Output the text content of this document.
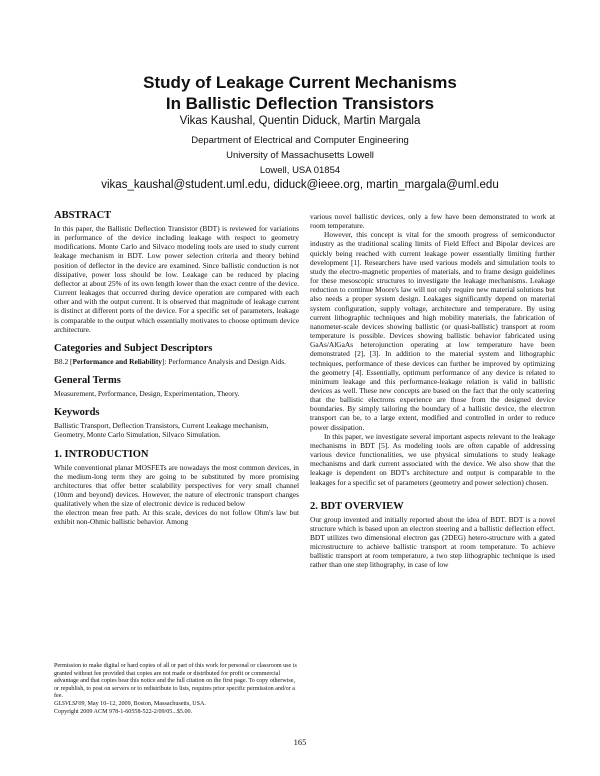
Study of Leakage Current Mechanisms
In Ballistic Deflection Transistors
Vikas Kaushal, Quentin Diduck, Martin Margala
Department of Electrical and Computer Engineering
University of Massachusetts Lowell
Lowell, USA 01854
vikas_kaushal@student.uml.edu, diduck@ieee.org, martin_margala@uml.edu
ABSTRACT

In this paper, the Ballistic Deflection Transistor (BDT) is reviewed for variations in performance of the device including leakage with respect to geometry modifications. Monte Carlo and Silvaco modeling tools are used to study current leakage mechanism in BDT. Low power selection criteria and theory behind position of deflector in the device are examined. Since ballistic conduction is not dissipative, power loss should be low. Leakage can be reduced by placing deflector at about 25% of its own length lower than the exact centre of the device. Current leakages that occurred during device operation are compared with each other and with the output current. It is observed that magnitude of leakage current is distinct at different ports of the device. For a specific set of parameters, leakage is comparable to the output which essentially motivates to choose optimum device architecture.

Categories and Subject Descriptors

B8.2 [Performance and Reliability]: Performance Analysis and Design Aids.

General Terms

Measurement, Performance, Design, Experimentation, Theory.

Keywords

Ballistic Transport, Deflection Transistors, Current Leakage mechanism, Geometry, Monte Carlo Simulation, Silvaco Simulation.

1. INTRODUCTION

While conventional planar MOSFETs are nowadays the most common devices, in the medium-long term they are going to be substituted by more promising architectures that offer better scalability perspectives for very small channel (10nm and beyond) devices. However, the nature of electronic transport changes qualitatively when the size of electronic device is reduced below

the electron mean free path. At this scale, devices do not follow Ohm's law but exhibit non-Ohmic ballistic behavior. Among

Permission to make digital or hard copies of all or part of this work for personal or classroom use is granted without fee provided that copies are not made or distributed for profit or commercial advantage and that copies bear this notice and the full citation on the first page. To copy otherwise, or republish, to post on servers or to redistribute to lists, requires prior specific permission and/or a fee.
GLSVLSI'09, May 10–12, 2009, Boston, Massachusetts, USA.
Copyright 2009 ACM 978-1-60558-522-2/09/05...$5.00.

various novel ballistic devices, only a few have been demonstrated to work at room temperature.

However, this concept is vital for the smooth progress of semiconductor industry as the traditional scaling limits of Field Effect and Bipolar devices are quickly being reached with current leakage power essentially limiting further development [1]. Researchers have used various models and simulation tools to study the electro-magnetic properties of materials, and to frame design guidelines for these mesoscopic structures to investigate the leakage mechanisms. Leakage reduction to continue Moore's law will not only require new material solutions but also needs a proper system design. Leakages significantly depend on material system configuration, supply voltage, architecture and temperature. By using current lithographic techniques and high mobility materials, the fabrication of nanometer-scale devices showing ballistic (or quasi-ballistic) transport at room temperature is possible. Devices showing ballistic behavior fabricated using GaAs/AlGaAs heterojunction operating at low temperature have been demonstrated [2], [3]. In addition to the material system and lithographic techniques, performance of these devices can further be improved by optimizing the geometry [4]. Essentially, optimum performance of any device is related to minimum leakage and this performance-leakage relation is valid in ballistic devices as well. These new concepts are based on the fact that the only scattering that the ballistic electrons experience are those from the designed device boundaries. By simply tailoring the boundary of a ballistic device, the electron transport can be, to a large extent, modified and controlled in order to reduce power dissipation.

In this paper, we investigate several important aspects relevant to the leakage mechanisms in BDT [5]. As modeling tools are often capable of addressing various device functionalities, we use physical simulations to study leakage mechanisms and dark current associated with the device. We also show that the leakage is dependent on BDT's architecture and output is comparable to the leakages for a specific set of parameters (geometry and power selection) chosen.

2. BDT OVERVIEW

Our group invented and initially reported about the idea of BDT. BDT is a novel structure which is based upon an electron steering and a ballistic deflection effect. BDT utilizes two dimensional electron gas (2DEG) hetero-structure with a gated microstructure to achieve ballistic transport at room temperature. To achieve ballistic transport at room temperature, a two step lithographic technique is used rather than one step lithography, in case of low

165
